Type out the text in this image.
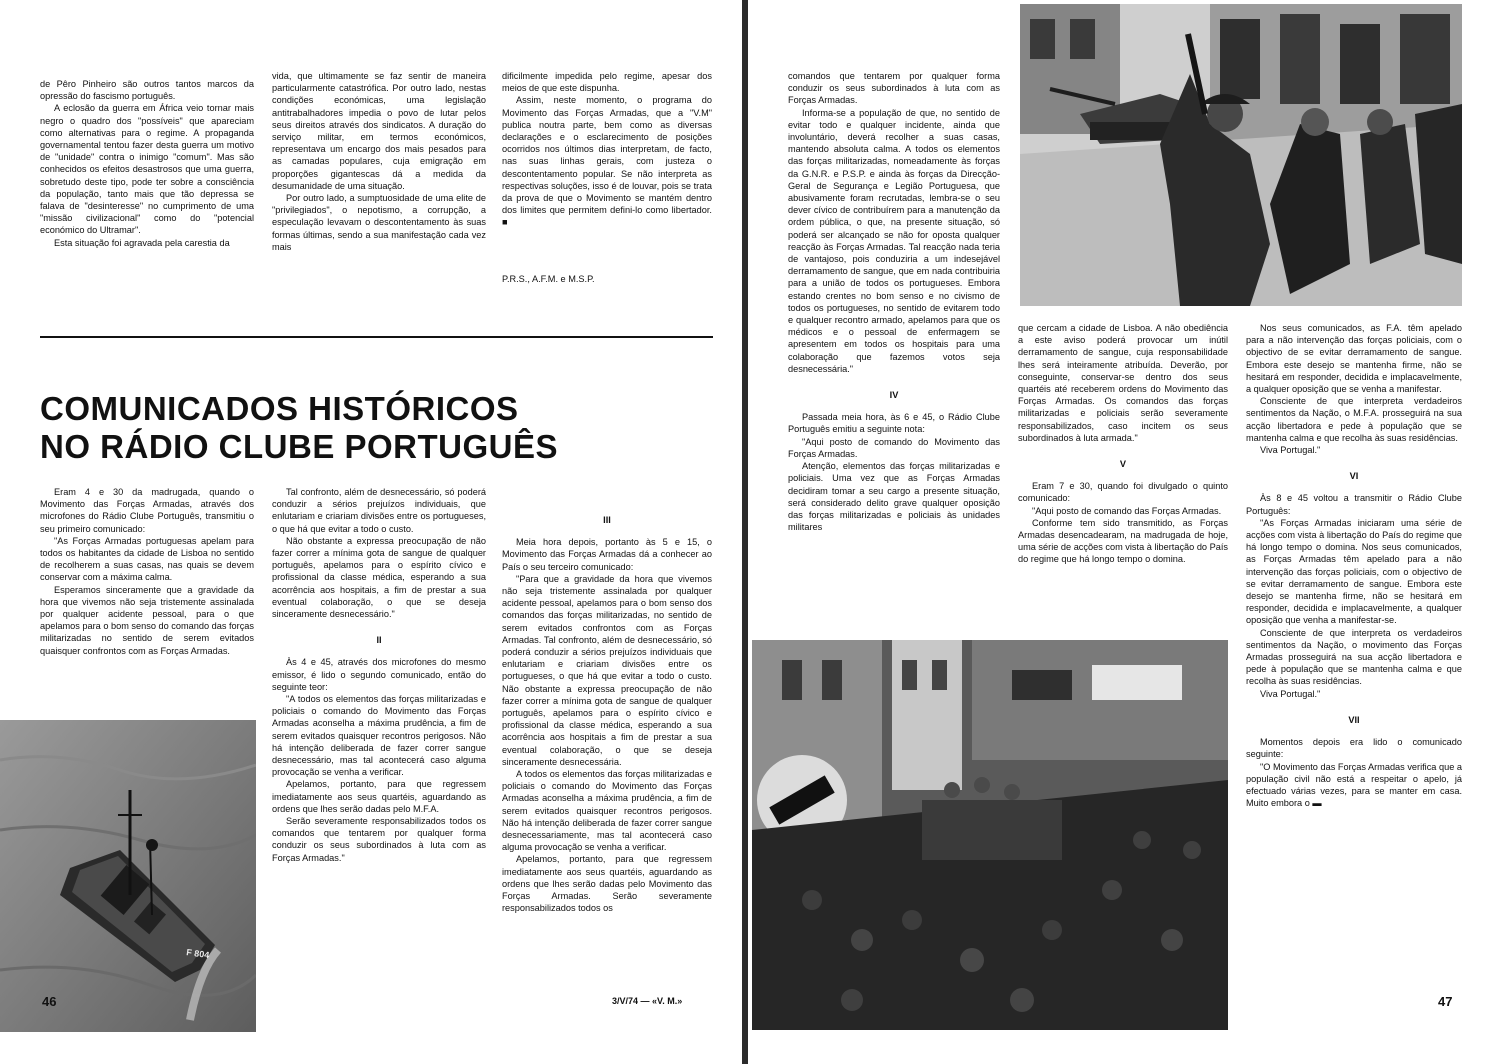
de Pêro Pinheiro são outros tantos marcos da opressão do fascismo português.

A eclosão da guerra em África veio tornar mais negro o quadro dos "possíveis" que apareciam como alternativas para o regime. A propaganda governamental tentou fazer desta guerra um motivo de "unidade" contra o inimigo "comum". Mas são conhecidos os efeitos desastrosos que uma guerra, sobretudo deste tipo, pode ter sobre a consciência da população, tanto mais que tão depressa se falava de "desinteresse" no cumprimento de uma "missão civilizacional" como do "potencial económico do Ultramar".

Esta situação foi agravada pela carestia da

vida, que ultimamente se faz sentir de maneira particularmente catastrófica. Por outro lado, nestas condições económicas, uma legislação antitrabalhadores impedia o povo de lutar pelos seus direitos através dos sindicatos. A duração do serviço militar, em termos económicos, representava um encargo dos mais pesados para as camadas populares, cuja emigração em proporções gigantescas dá a medida da desumanidade de uma situação.

Por outro lado, a sumptuosidade de uma elite de "privilegiados", o nepotismo, a corrupção, a especulação levavam o descontentamento às suas formas últimas, sendo a sua manifestação cada vez mais

dificilmente impedida pelo regime, apesar dos meios de que este dispunha.

Assim, neste momento, o programa do Movimento das Forças Armadas, que a "V.M" publica noutra parte, bem como as diversas declarações e o esclarecimento de posições ocorridos nos últimos dias interpretam, de facto, nas suas linhas gerais, com justeza o descontentamento popular. Se não interpreta as respectivas soluções, isso é de louvar, pois se trata da prova de que o Movimento se mantém dentro dos limites que permitem defini-lo como libertador. ■

P.R.S., A.F.M. e M.S.P.
COMUNICADOS HISTÓRICOS
NO RÁDIO CLUBE PORTUGUÊS

Eram 4 e 30 da madrugada, quando o Movimento das Forças Armadas, através dos microfones do Rádio Clube Português, transmitiu o seu primeiro comunicado:

"As Forças Armadas portuguesas apelam para todos os habitantes da cidade de Lisboa no sentido de recolherem a suas casas, nas quais se devem conservar com a máxima calma.

Esperamos sinceramente que a gravidade da hora que vivemos não seja tristemente assinalada por qualquer acidente pessoal, para o que apelamos para o bom senso do comando das forças militarizadas no sentido de serem evitados quaisquer confrontos com as Forças Armadas.

Tal confronto, além de desnecessário, só poderá conduzir a sérios prejuízos individuais, que enlutariam e criariam divisões entre os portugueses, o que há que evitar a todo o custo.

Não obstante a expressa preocupação de não fazer correr a mínima gota de sangue de qualquer português, apelamos para o espírito cívico e profissional da classe médica, esperando a sua acorrência aos hospitais, a fim de prestar a sua eventual colaboração, o que se deseja sinceramente desnecessário."

II

Às 4 e 45, através dos microfones do mesmo emissor, é lido o segundo comunicado, então do seguinte teor:

"A todos os elementos das forças militarizadas e policiais o comando do Movimento das Forças Armadas aconselha a máxima prudência, a fim de serem evitados quaisquer recontros perigosos. Não há intenção deliberada de fazer correr sangue desnecessário, mas tal acontecerá caso alguma provocação se venha a verificar.

Apelamos, portanto, para que regressem imediatamente aos seus quartéis, aguardando as ordens que lhes serão dadas pelo M.F.A.

Serão severamente responsabilizados todos os comandos que tentarem por qualquer forma conduzir os seus subordinados à luta com as Forças Armadas."

III

Meia hora depois, portanto às 5 e 15, o Movimento das Forças Armadas dá a conhecer ao País o seu terceiro comunicado:

"Para que a gravidade da hora que vivemos não seja tristemente assinalada por qualquer acidente pessoal, apelamos para o bom senso dos comandos das forças militarizadas, no sentido de serem evitados confrontos com as Forças Armadas. Tal confronto, além de desnecessário, só poderá conduzir a sérios prejuízos individuais que enlutariam e criariam divisões entre os portugueses, o que há que evitar a todo o custo. Não obstante a expressa preocupação de não fazer correr a mínima gota de sangue de qualquer português, apelamos para o espírito cívico e profissional da classe médica, esperando a sua acorrência aos hospitais a fim de prestar a sua eventual colaboração, o que se deseja sinceramente desnecessária.

A todos os elementos das forças militarizadas e policiais o comando do Movimento das Forças Armadas aconselha a máxima prudência, a fim de serem evitados quaisquer recontros perigosos. Não há intenção deliberada de fazer correr sangue desnecessariamente, mas tal acontecerá caso alguma provocação se venha a verificar.

Apelamos, portanto, para que regressem imediatamente aos seus quartéis, aguardando as ordens que lhes serão dadas pelo Movimento das Forças Armadas. Serão severamente responsabilizados todos os

F 804
46	3/V/74 — «V. M.»

comandos que tentarem por qualquer forma conduzir os seus subordinados à luta com as Forças Armadas.

Informa-se a população de que, no sentido de evitar todo e qualquer incidente, ainda que involuntário, deverá recolher a suas casas, mantendo absoluta calma. A todos os elementos das forças militarizadas, nomeadamente às forças da G.N.R. e P.S.P. e ainda às forças da Direcção-Geral de Segurança e Legião Portuguesa, que abusivamente foram recrutadas, lembra-se o seu dever cívico de contribuírem para a manutenção da ordem pública, o que, na presente situação, só poderá ser alcançado se não for oposta qualquer reacção às Forças Armadas. Tal reacção nada teria de vantajoso, pois conduziria a um indesejável derramamento de sangue, que em nada contribuiria para a união de todos os portugueses. Embora estando crentes no bom senso e no civismo de todos os portugueses, no sentido de evitarem todo e qualquer recontro armado, apelamos para que os médicos e o pessoal de enfermagem se apresentem em todos os hospitais para uma colaboração que fazemos votos seja desnecessária."

IV

Passada meia hora, às 6 e 45, o Rádio Clube Português emitiu a seguinte nota:

"Aqui posto de comando do Movimento das Forças Armadas.

Atenção, elementos das forças militarizadas e policiais. Uma vez que as Forças Armadas decidiram tomar a seu cargo a presente situação, será considerado delito grave qualquer oposição das forças militarizadas e policiais às unidades militares

que cercam a cidade de Lisboa. A não obediência a este aviso poderá provocar um inútil derramamento de sangue, cuja responsabilidade lhes será inteiramente atribuída. Deverão, por conseguinte, conservar-se dentro dos seus quartéis até receberem ordens do Movimento das Forças Armadas. Os comandos das forças militarizadas e policiais serão severamente responsabilizados, caso incitem os seus subordinados à luta armada."

V

Eram 7 e 30, quando foi divulgado o quinto comunicado:

"Aqui posto de comando das Forças Armadas.

Conforme tem sido transmitido, as Forças Armadas desencadearam, na madrugada de hoje, uma série de acções com vista à libertação do País do regime que há longo tempo o domina.

Nos seus comunicados, as F.A. têm apelado para a não intervenção das forças policiais, com o objectivo de se evitar derramamento de sangue. Embora este desejo se mantenha firme, não se hesitará em responder, decidida e implacavelmente, a qualquer oposição que se venha a manifestar.

Consciente de que interpreta verdadeiros sentimentos da Nação, o M.F.A. prosseguirá na sua acção libertadora e pede à população que se mantenha calma e que recolha às suas residências.

Viva Portugal."

VI

Às 8 e 45 voltou a transmitir o Rádio Clube Português:

"As Forças Armadas iniciaram uma série de acções com vista à libertação do País do regime que há longo tempo o domina. Nos seus comunicados, as Forças Armadas têm apelado para a não intervenção das forças policiais, com o objectivo de se evitar derramamento de sangue. Embora este desejo se mantenha firme, não se hesitará em responder, decidida e implacavelmente, a qualquer oposição que venha a manifestar-se.

Consciente de que interpreta os verdadeiros sentimentos da Nação, o movimento das Forças Armadas prosseguirá na sua acção libertadora e pede à população que se mantenha calma e que recolha às suas residências.

Viva Portugal."

VII

Momentos depois era lido o comunicado seguinte:

"O Movimento das Forças Armadas verifica que a população civil não está a respeitar o apelo, já efectuado várias vezes, para se manter em casa. Muito embora o ▬

47
